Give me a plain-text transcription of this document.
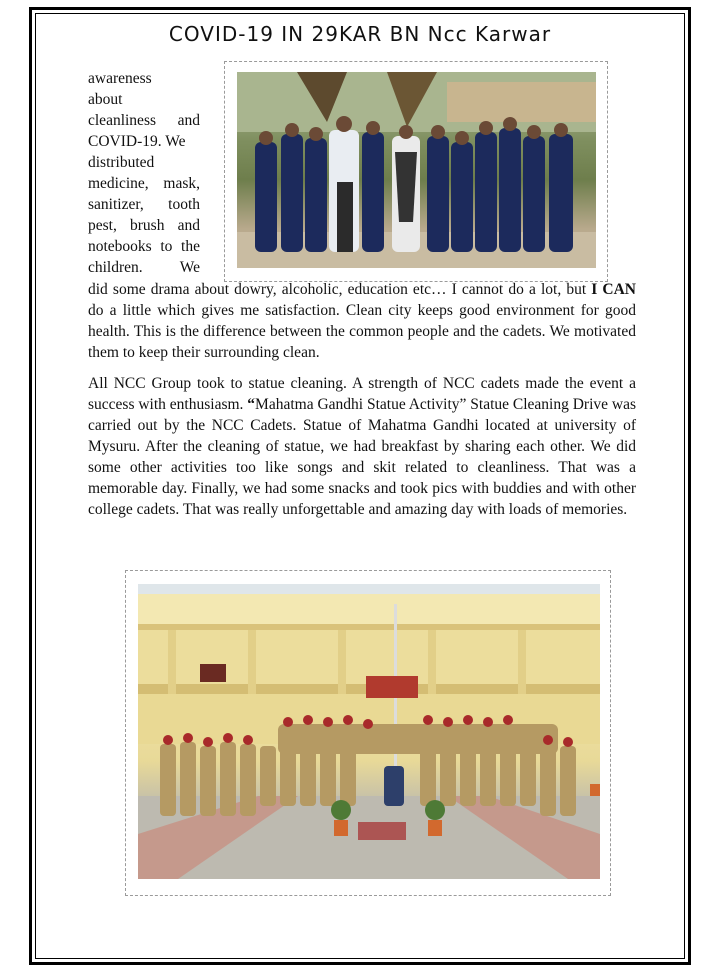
COVID-19 IN 29KAR BN Ncc Karwar

awareness

about

cleanliness and

COVID-19. We

distributed

medicine, mask,

sanitizer, tooth

pest, brush and

notebooks to the

children. We

did some drama about dowry, alcoholic, education etc… I cannot do a lot, but I CAN do a little which gives me satisfaction. Clean city keeps good environment for good health. This is the difference between the common people and the cadets. We motivated them to keep their surrounding clean.

All NCC Group took to statue cleaning. A strength of NCC cadets made the event a success with enthusiasm. “Mahatma Gandhi Statue Activity” Statue Cleaning Drive was carried out by the NCC Cadets. Statue of Mahatma Gandhi located at university of Mysuru. After the cleaning of statue, we had breakfast by sharing each other. We did some other activities too like songs and skit related to cleanliness. That was a memorable day. Finally, we had some snacks and took pics with buddies and with other college cadets. That was really unforgettable and amazing day with loads of memories.
